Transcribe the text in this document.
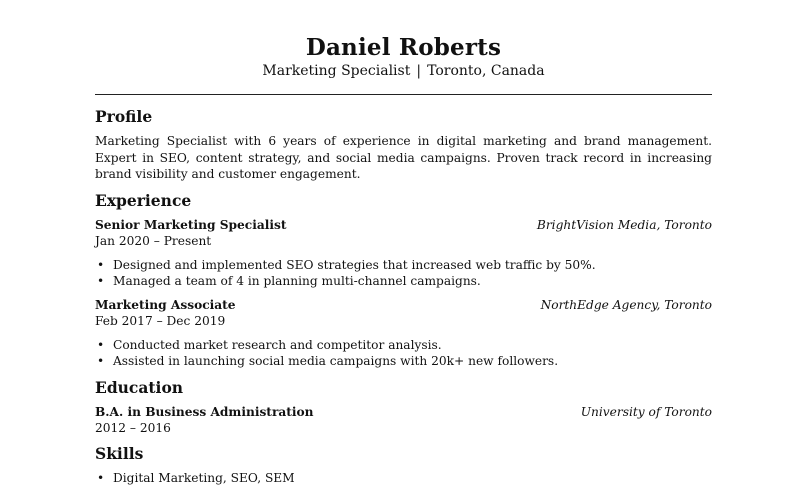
Daniel Roberts
Marketing Specialist | Toronto, Canada
Profile
Marketing Specialist with 6 years of experience in digital marketing and brand management. Expert in SEO, content strategy, and social media campaigns. Proven track record in increasing brand visibility and customer engagement.
Experience
Senior Marketing Specialist	BrightVision Media, Toronto
Jan 2020 – Present
• Designed and implemented SEO strategies that increased web traffic by 50%.
• Managed a team of 4 in planning multi-channel campaigns.
Marketing Associate	NorthEdge Agency, Toronto
Feb 2017 – Dec 2019
• Conducted market research and competitor analysis.
• Assisted in launching social media campaigns with 20k+ new followers.
Education
B.A. in Business Administration	University of Toronto
2012 – 2016
Skills
• Digital Marketing, SEO, SEM
